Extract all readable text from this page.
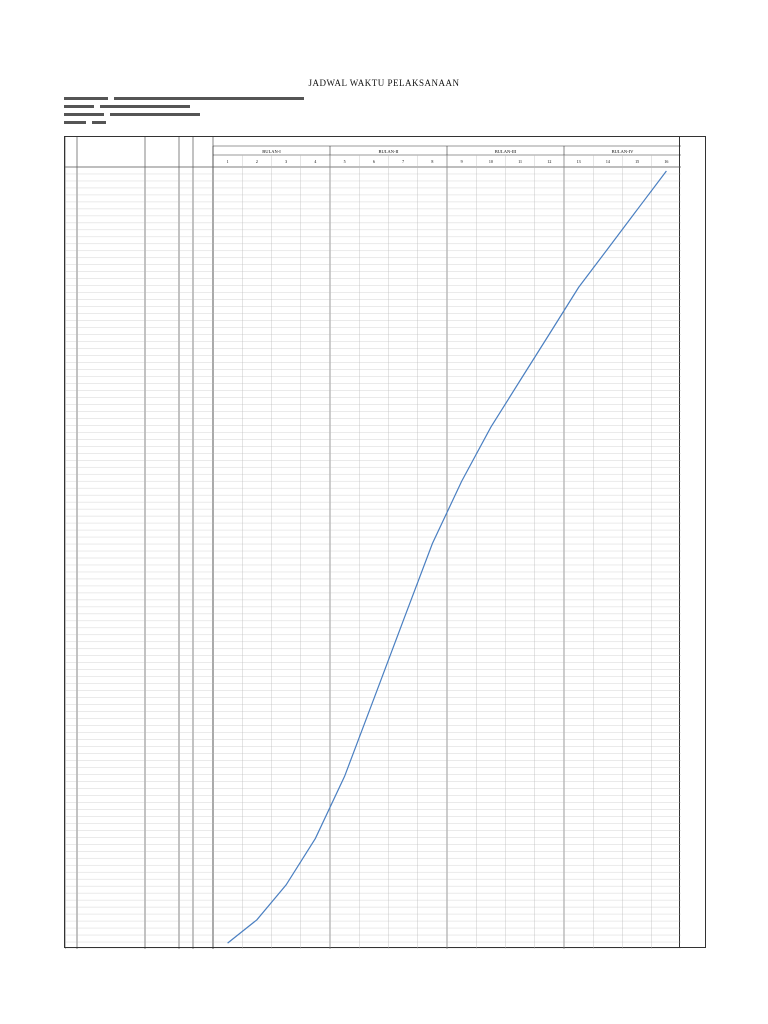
JADWAL WAKTU PELAKSANAAN
BULAN-I	BULAN-II	BULAN-III	BULAN-IV
1	2	3	4	5	6	7	8	9	10	11	12	13	14	15	16
